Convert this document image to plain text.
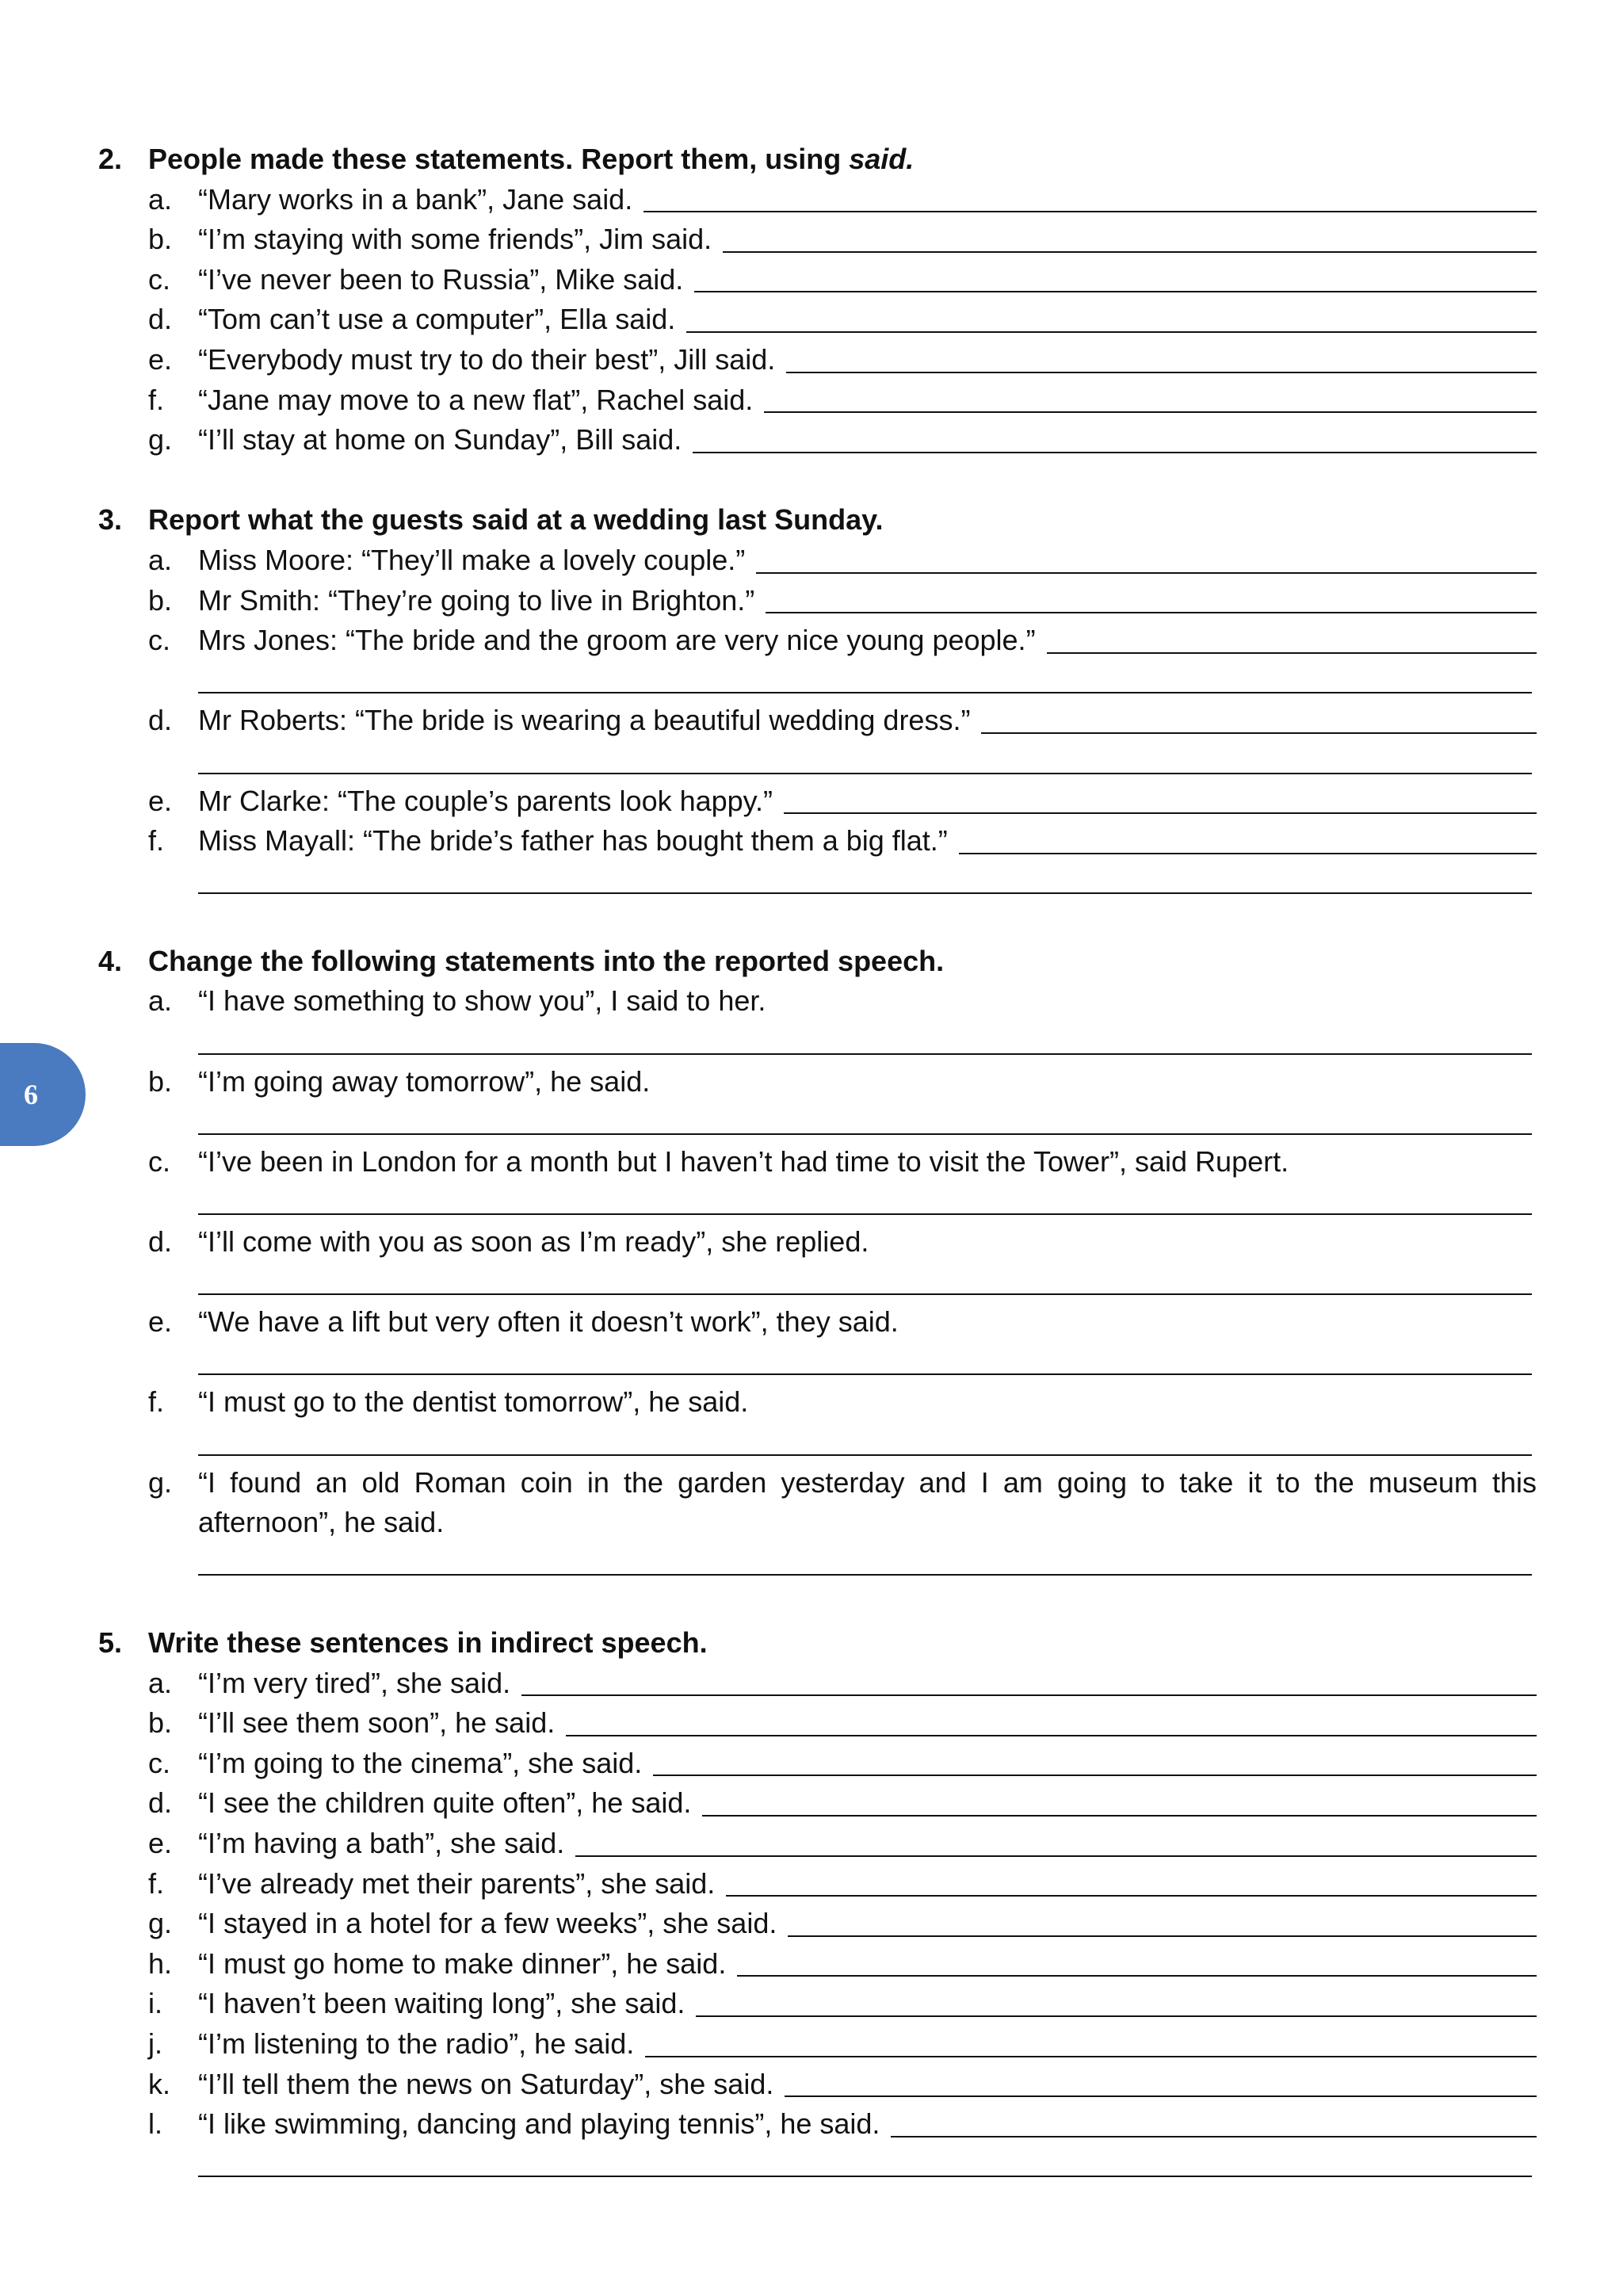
2. People made these statements. Report them, using said.
a. “Mary works in a bank”, Jane said.
b. “I’m staying with some friends”, Jim said.
c. “I’ve never been to Russia”, Mike said.
d. “Tom can’t use a computer”, Ella said.
e. “Everybody must try to do their best”, Jill said.
f. “Jane may move to a new flat”, Rachel said.
g. “I’ll stay at home on Sunday”, Bill said.
3. Report what the guests said at a wedding last Sunday.
a. Miss Moore: “They’ll make a lovely couple.”
b. Mr Smith: “They’re going to live in Brighton.”
c. Mrs Jones: “The bride and the groom are very nice young people.”
d. Mr Roberts: “The bride is wearing a beautiful wedding dress.”
e. Mr Clarke: “The couple’s parents look happy.”
f. Miss Mayall: “The bride’s father has bought them a big flat.”
4. Change the following statements into the reported speech.
a. “I have something to show you”, I said to her.
b. “I’m going away tomorrow”, he said.
c. “I’ve been in London for a month but I haven’t had time to visit the Tower”, said Rupert.
d. “I’ll come with you as soon as I’m ready”, she replied.
e. “We have a lift but very often it doesn’t work”, they said.
f. “I must go to the dentist tomorrow”, he said.
g. “I found an old Roman coin in the garden yesterday and I am going to take it to the museum this
afternoon”, he said.
5. Write these sentences in indirect speech.
a. “I’m very tired”, she said.
b. “I’ll see them soon”, he said.
c. “I’m going to the cinema”, she said.
d. “I see the children quite often”, he said.
e. “I’m having a bath”, she said.
f. “I’ve already met their parents”, she said.
g. “I stayed in a hotel for a few weeks”, she said.
h. “I must go home to make dinner”, he said.
i. “I haven’t been waiting long”, she said.
j. “I’m listening to the radio”, he said.
k. “I’ll tell them the news on Saturday”, she said.
l. “I like swimming, dancing and playing tennis”, he said.
6
